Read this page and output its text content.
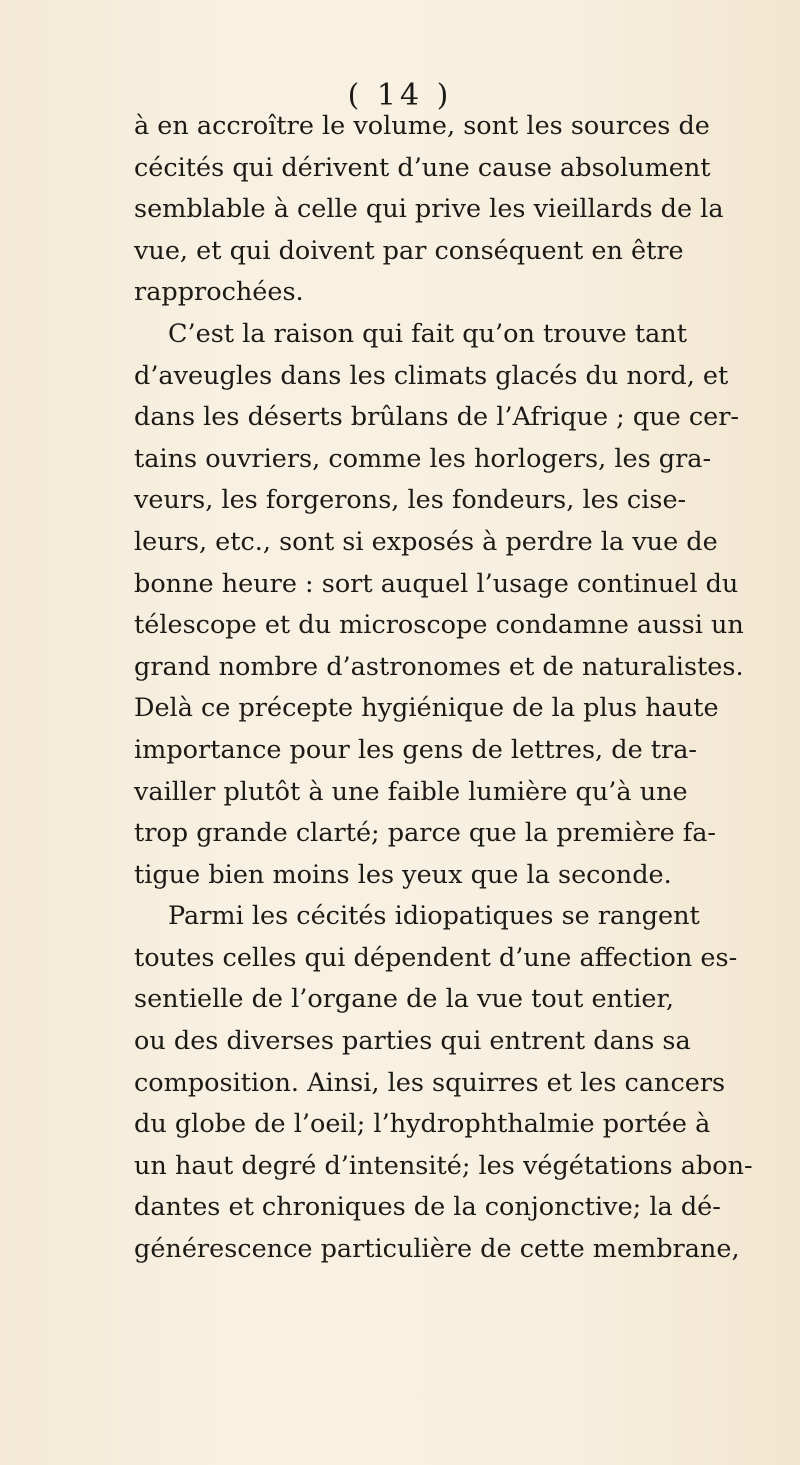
( 14 )
à en accroître le volume, sont les sources de
cécités qui dérivent d’une cause absolument
semblable à celle qui prive les vieillards de la
vue, et qui doivent par conséquent en être
rapprochées.
C’est la raison qui fait qu’on trouve tant
d’aveugles dans les climats glacés du nord, et
dans les déserts brûlans de l’Afrique ; que cer-
tains ouvriers, comme les horlogers, les gra-
veurs, les forgerons, les fondeurs, les cise-
leurs, etc., sont si exposés à perdre la vue de
bonne heure : sort auquel l’usage continuel du
télescope et du microscope condamne aussi un
grand nombre d’astronomes et de naturalistes.
Delà ce précepte hygiénique de la plus haute
importance pour les gens de lettres, de tra-
vailler plutôt à une faible lumière qu’à une
trop grande clarté; parce que la première fa-
tigue bien moins les yeux que la seconde.
Parmi les cécités idiopatiques se rangent
toutes celles qui dépendent d’une affection es-
sentielle de l’organe de la vue tout entier,
ou des diverses parties qui entrent dans sa
composition. Ainsi, les squirres et les cancers
du globe de l’oeil; l’hydrophthalmie portée à
un haut degré d’intensité; les végétations abon-
dantes et chroniques de la conjonctive; la dé-
générescence particulière de cette membrane,
